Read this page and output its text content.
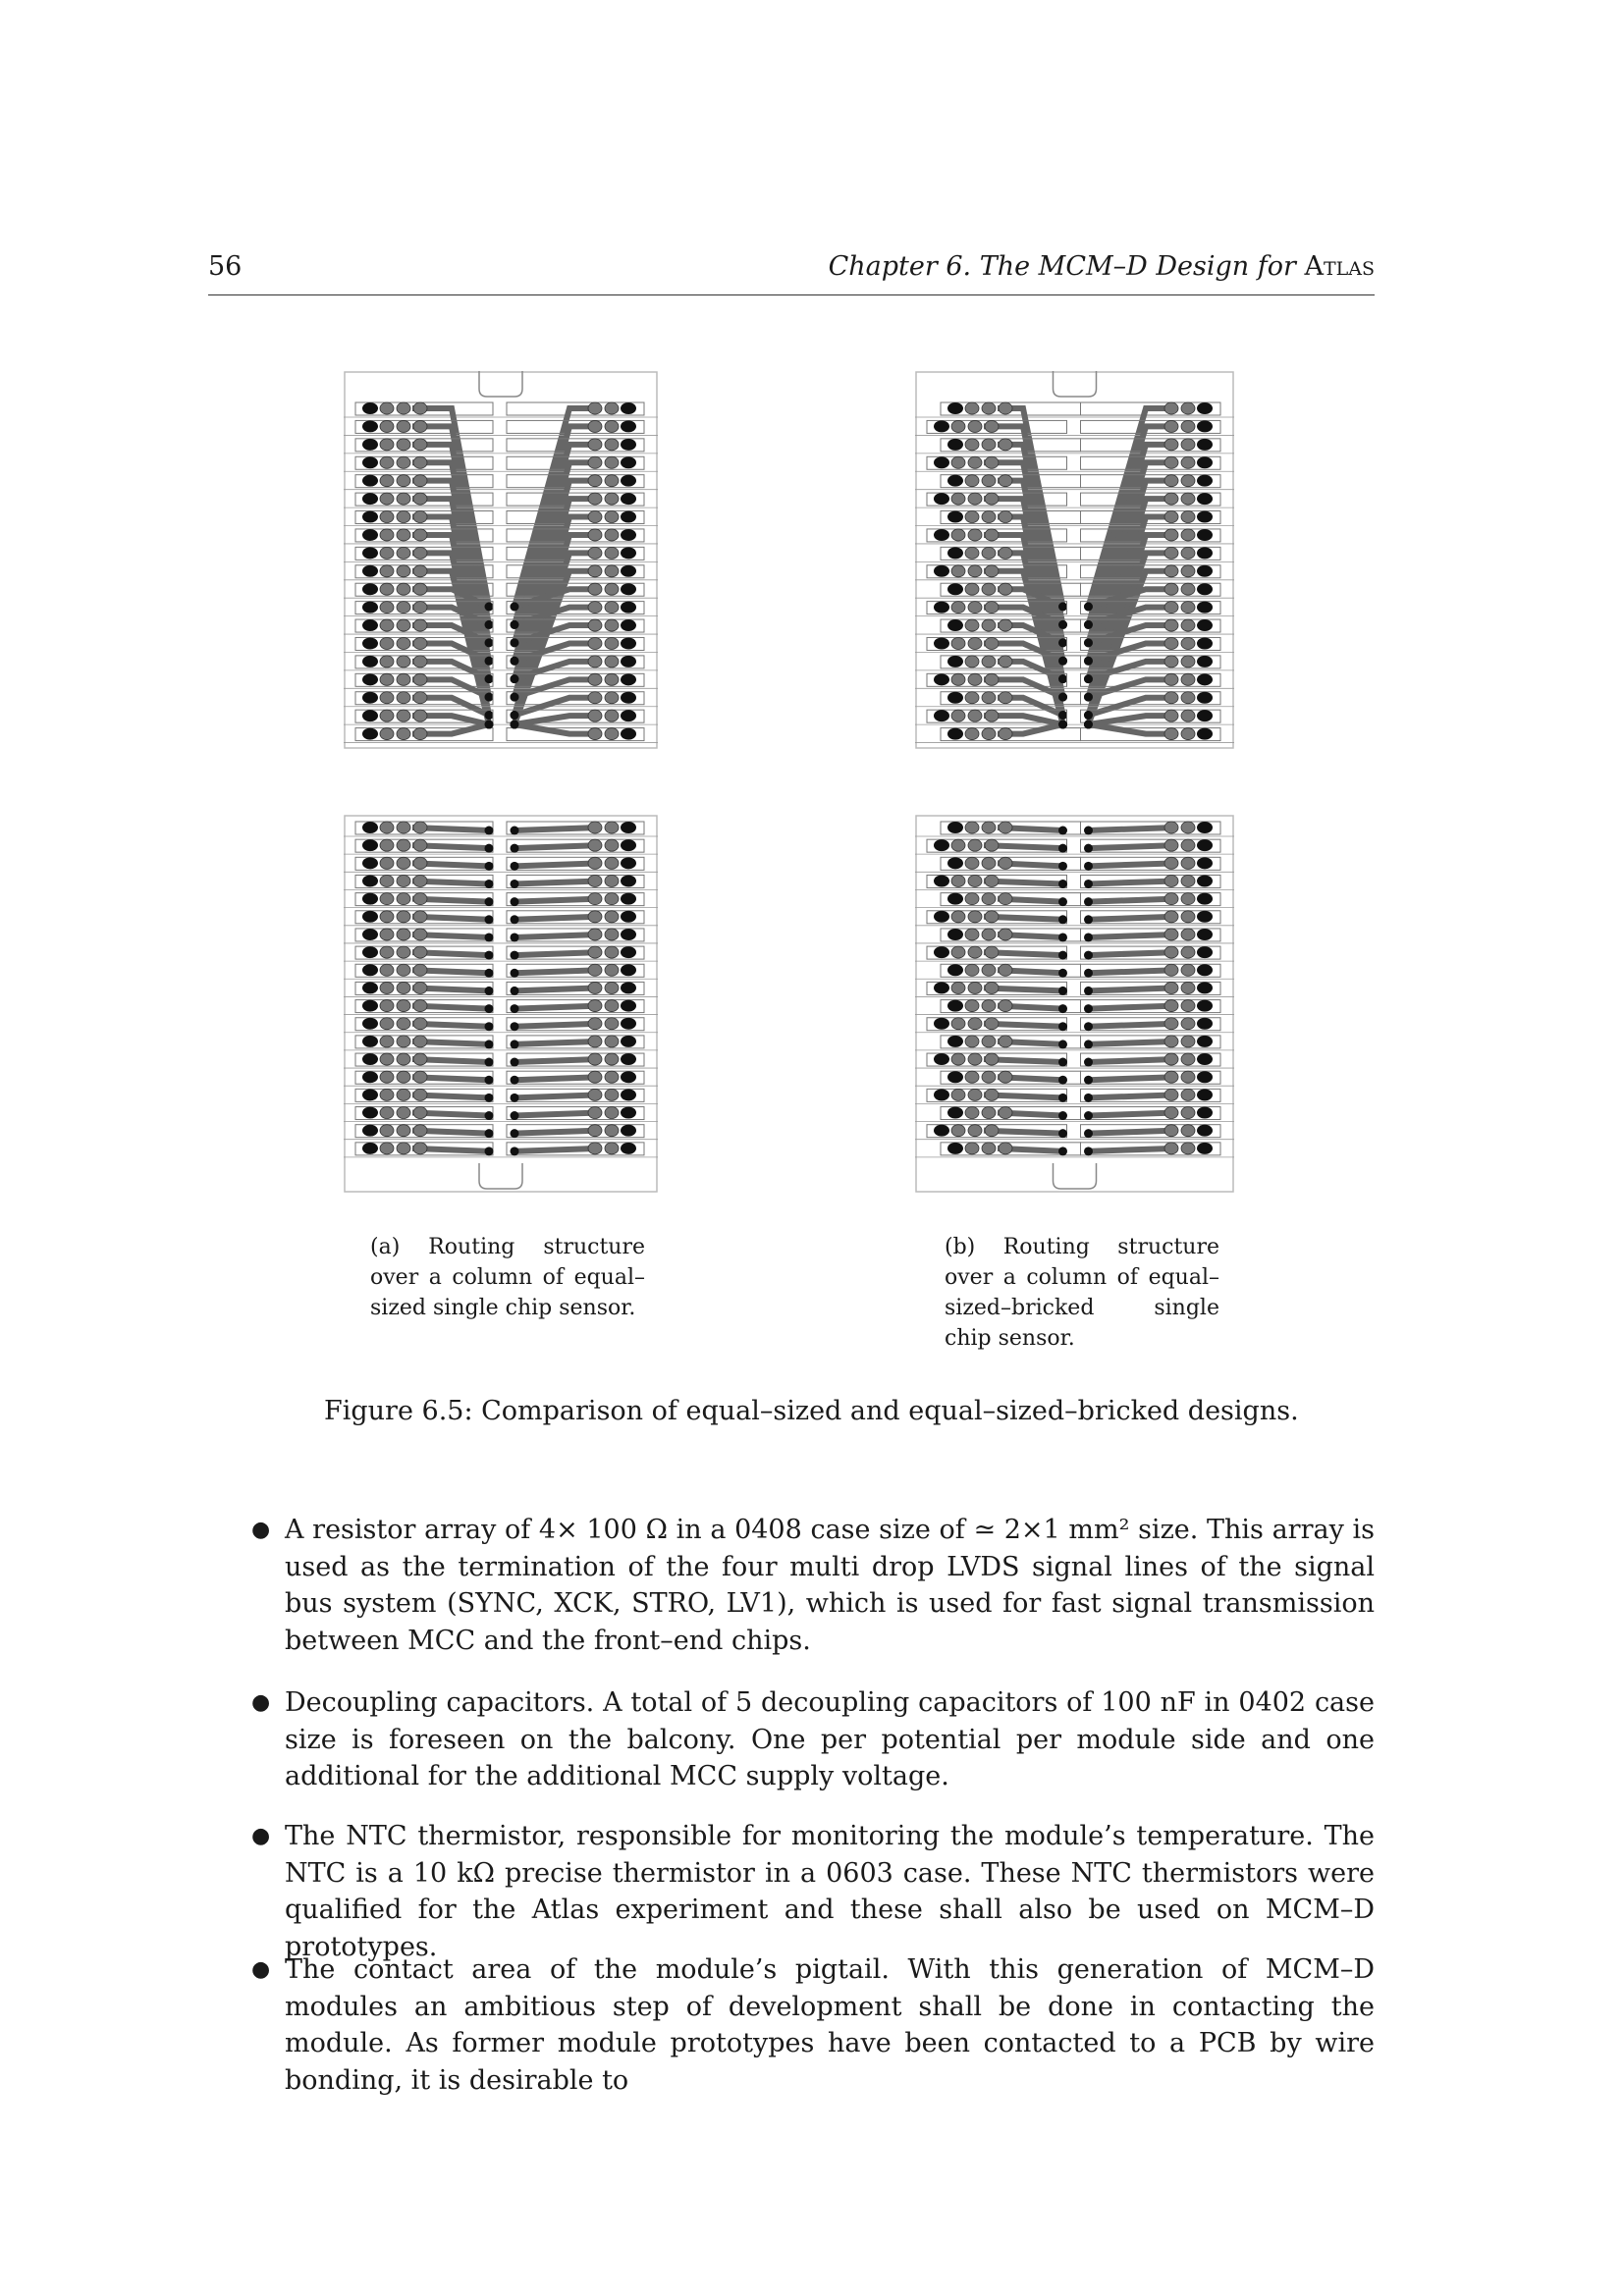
56	Chapter 6. The MCM–D Design for Atlas
(a) Routing structure over a column of equal–sized single chip sensor.
(b) Routing structure over a column of equal–sized–bricked single chip sensor.
Figure 6.5: Comparison of equal–sized and equal–sized–bricked designs.
● A resistor array of 4× 100 Ω in a 0408 case size of ≃ 2×1 mm² size. This array is used as the termination of the four multi drop LVDS signal lines of the signal bus system (SYNC, XCK, STRO, LV1), which is used for fast signal transmission between MCC and the front–end chips.
● Decoupling capacitors. A total of 5 decoupling capacitors of 100 nF in 0402 case size is foreseen on the balcony. One per potential per module side and one additional for the additional MCC supply voltage.
● The NTC thermistor, responsible for monitoring the module’s temperature. The NTC is a 10 kΩ precise thermistor in a 0603 case. These NTC thermistors were qualified for the Atlas experiment and these shall also be used on MCM–D prototypes.
● The contact area of the module’s pigtail. With this generation of MCM–D modules an ambitious step of development shall be done in contacting the module. As former module prototypes have been contacted to a PCB by wire bonding, it is desirable to
